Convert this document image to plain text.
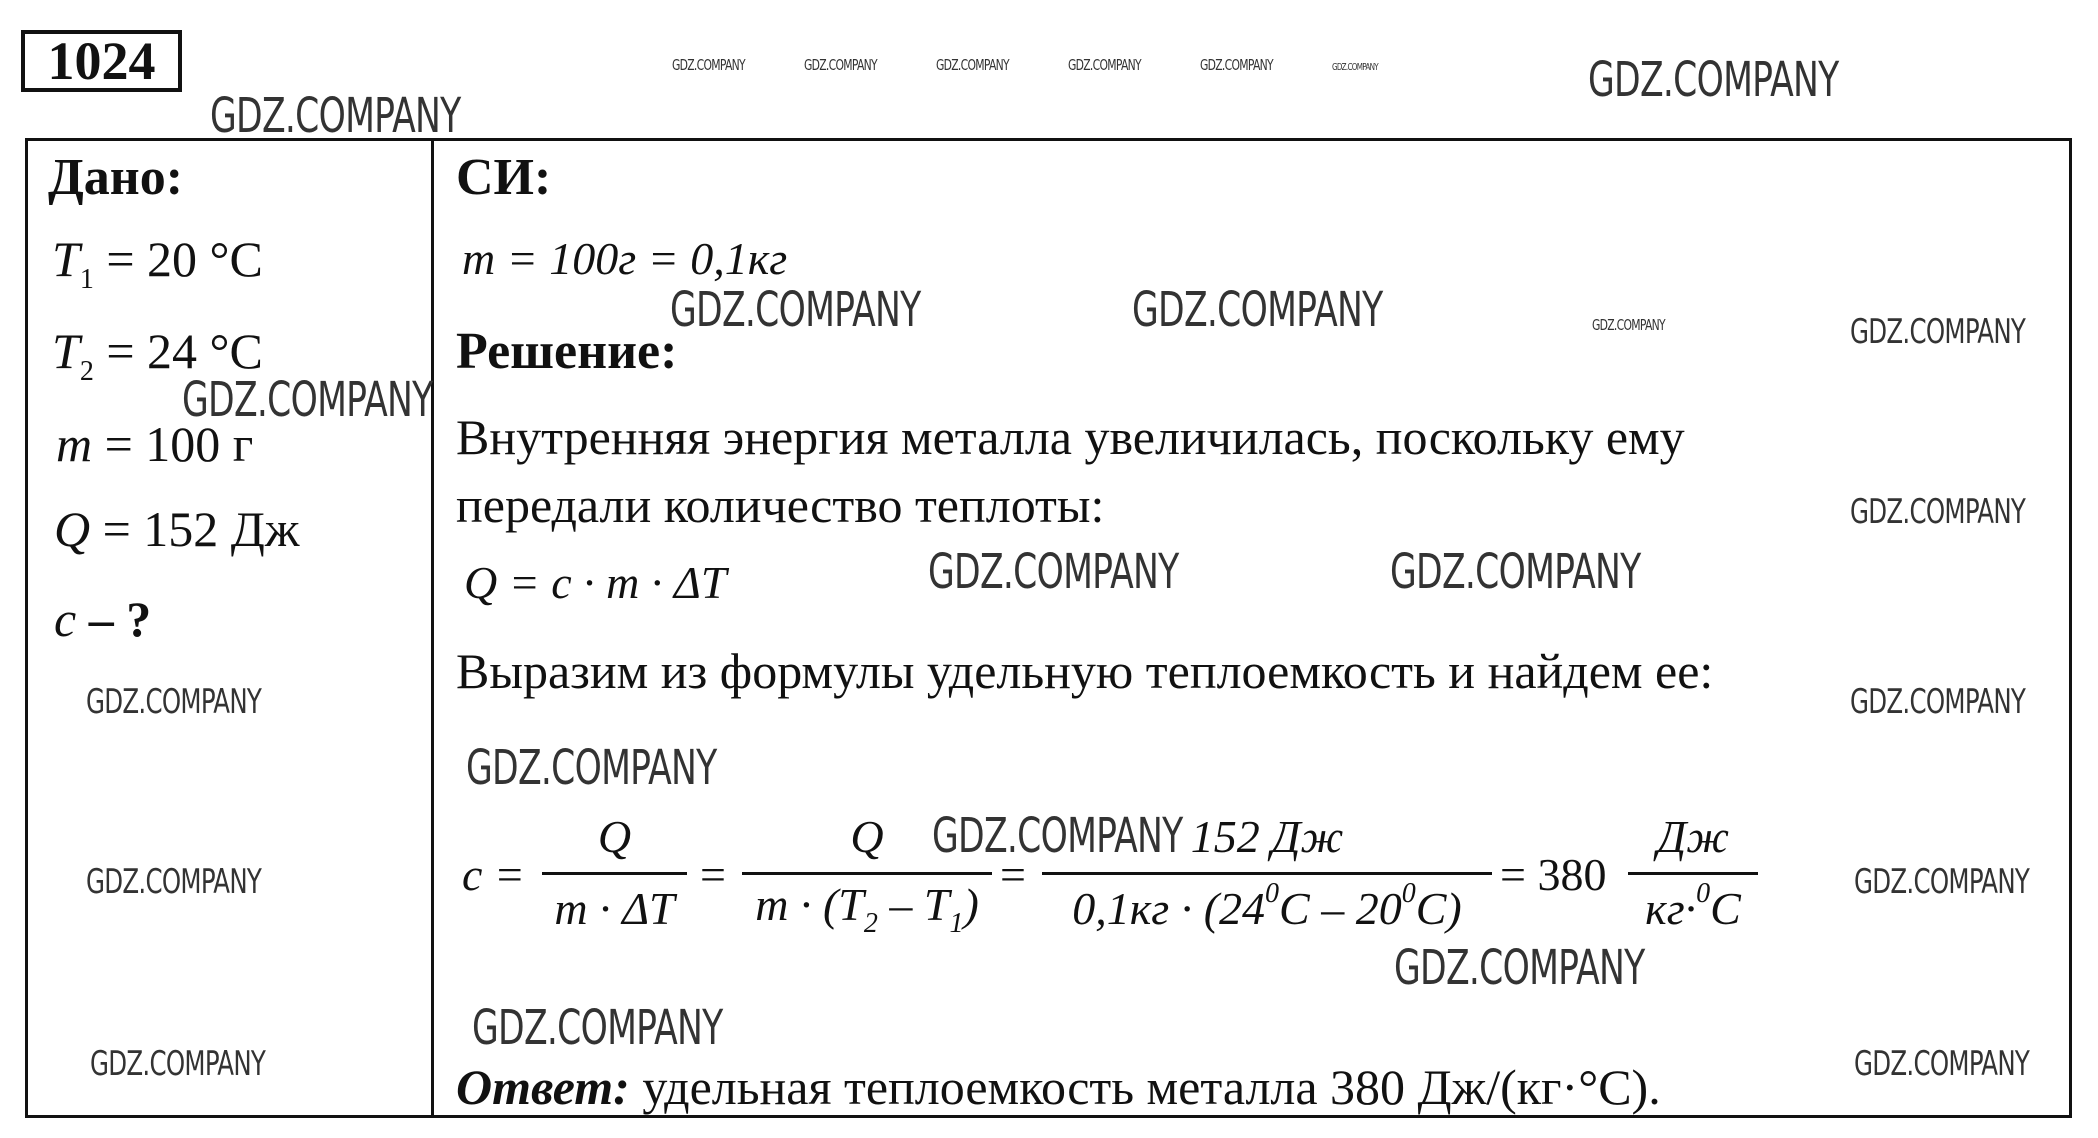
1024
Дано:
$T_1 = 20$ °C
$T_2 = 24$ °C
m = 100 г
Q = 152 Дж
c – ?
СИ:
m = 100г = 0,1кг
Решение:
Внутренняя энергия металла увеличилась, поскольку ему
передали количество теплоты:
Q = c · m · ΔT
Выразим из формулы удельную теплоемкость и найдем ее:
c =
Q
m · ΔT
=
Q
$m \cdot (T_2 - T_1)$
=
152 Дж
$0,1кг \cdot (24^0C - 20^0C)$
= 380
Дж
кг·$^0$C
Ответ: удельная теплоемкость металла 380 Дж/(кг·°С).
GDZ.COMPANY
GDZ.COMPANY
GDZ.COMPANY	GDZ.COMPANY	GDZ.COMPANY	GDZ.COMPANY	GDZ.COMPANY	GDZ.COMPANY
GDZ.COMPANY	GDZ.COMPANY	GDZ.COMPANY	GDZ.COMPANY
GDZ.COMPANY
GDZ.COMPANY
GDZ.COMPANY	GDZ.COMPANY
GDZ.COMPANY	GDZ.COMPANY
GDZ.COMPANY
GDZ.COMPANY
GDZ.COMPANY	GDZ.COMPANY
GDZ.COMPANY
GDZ.COMPANY
GDZ.COMPANY	GDZ.COMPANY
